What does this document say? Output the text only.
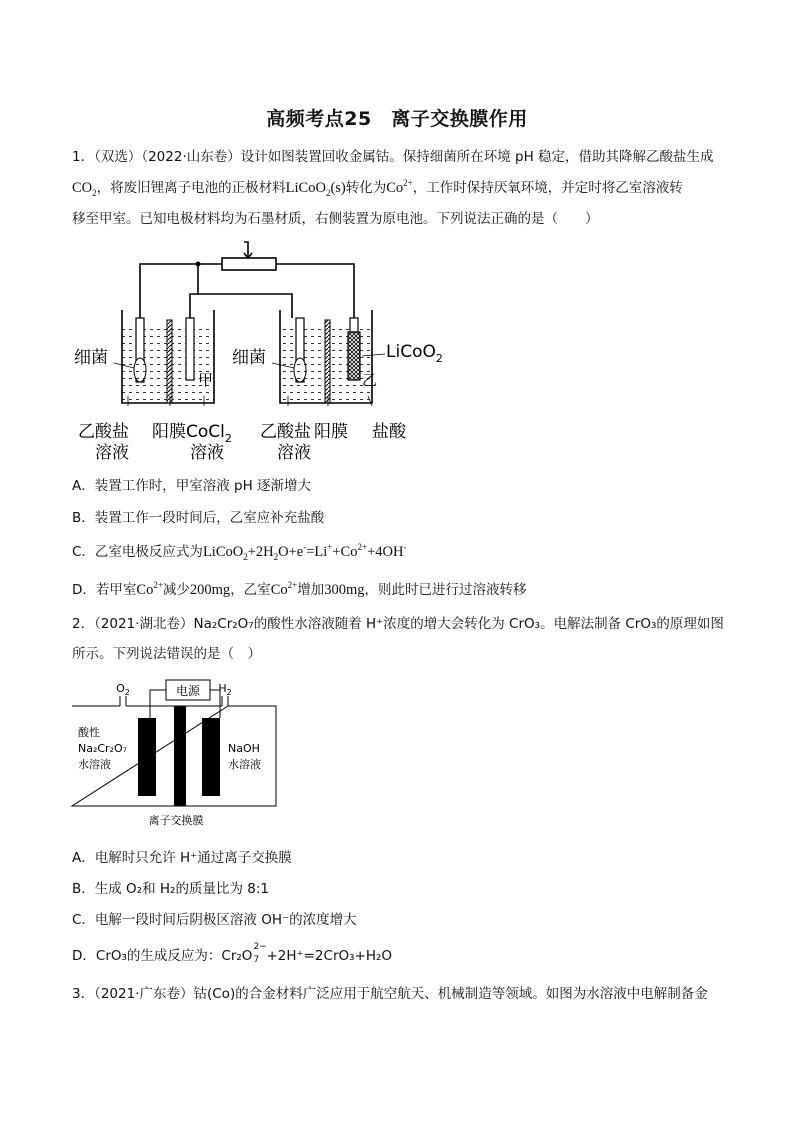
高频考点25　离子交换膜作用
1．（双选）（2022·山东卷）设计如图装置回收金属钴。保持细菌所在环境 pH 稳定，借助其降解乙酸盐生成
$CO_2$，将废旧锂离子电池的正极材料LiCoO$_2$(s)转化为$Co^{2+}$，工作时保持厌氧环境，并定时将乙室溶液转
移至甲室。已知电极材料均为石墨材质，右侧装置为原电池。下列说法正确的是（　　）
细菌	细菌
甲	乙
LiCoO$_2$
乙酸盐
溶液
阳膜 CoCl$_2$
溶液
乙酸盐
溶液
阳膜 盐酸
A．装置工作时，甲室溶液 pH 逐渐增大
B．装置工作一段时间后，乙室应补充盐酸
C．乙室电极反应式为$LiCoO_2+2H_2O+e^-=Li^++Co^{2+}+4OH^-$
D．若甲室$Co^{2+}$减少200mg，乙室$Co^{2+}$增加300mg，则此时已进行过溶液转移
2．（2021·湖北卷）Na₂Cr₂O₇的酸性水溶液随着 H⁺浓度的增大会转化为 CrO₃。电解法制备 CrO₃的原理如图
所示。下列说法错误的是（　）
$O_2$	$H_2$
电源
酸性
Na₂Cr₂O₇
水溶液
NaOH
水溶液
离子交换膜
A．电解时只允许 H⁺通过离子交换膜
B．生成 O₂和 H₂的质量比为 8:1
C．电解一段时间后阴极区溶液 OH⁻的浓度增大
D．CrO₃的生成反应为：Cr₂O
2−
7 +2H⁺=2CrO₃+H₂O
3．（2021·广东卷）钴(Co)的合金材料广泛应用于航空航天、机械制造等领域。如图为水溶液中电解制备金
